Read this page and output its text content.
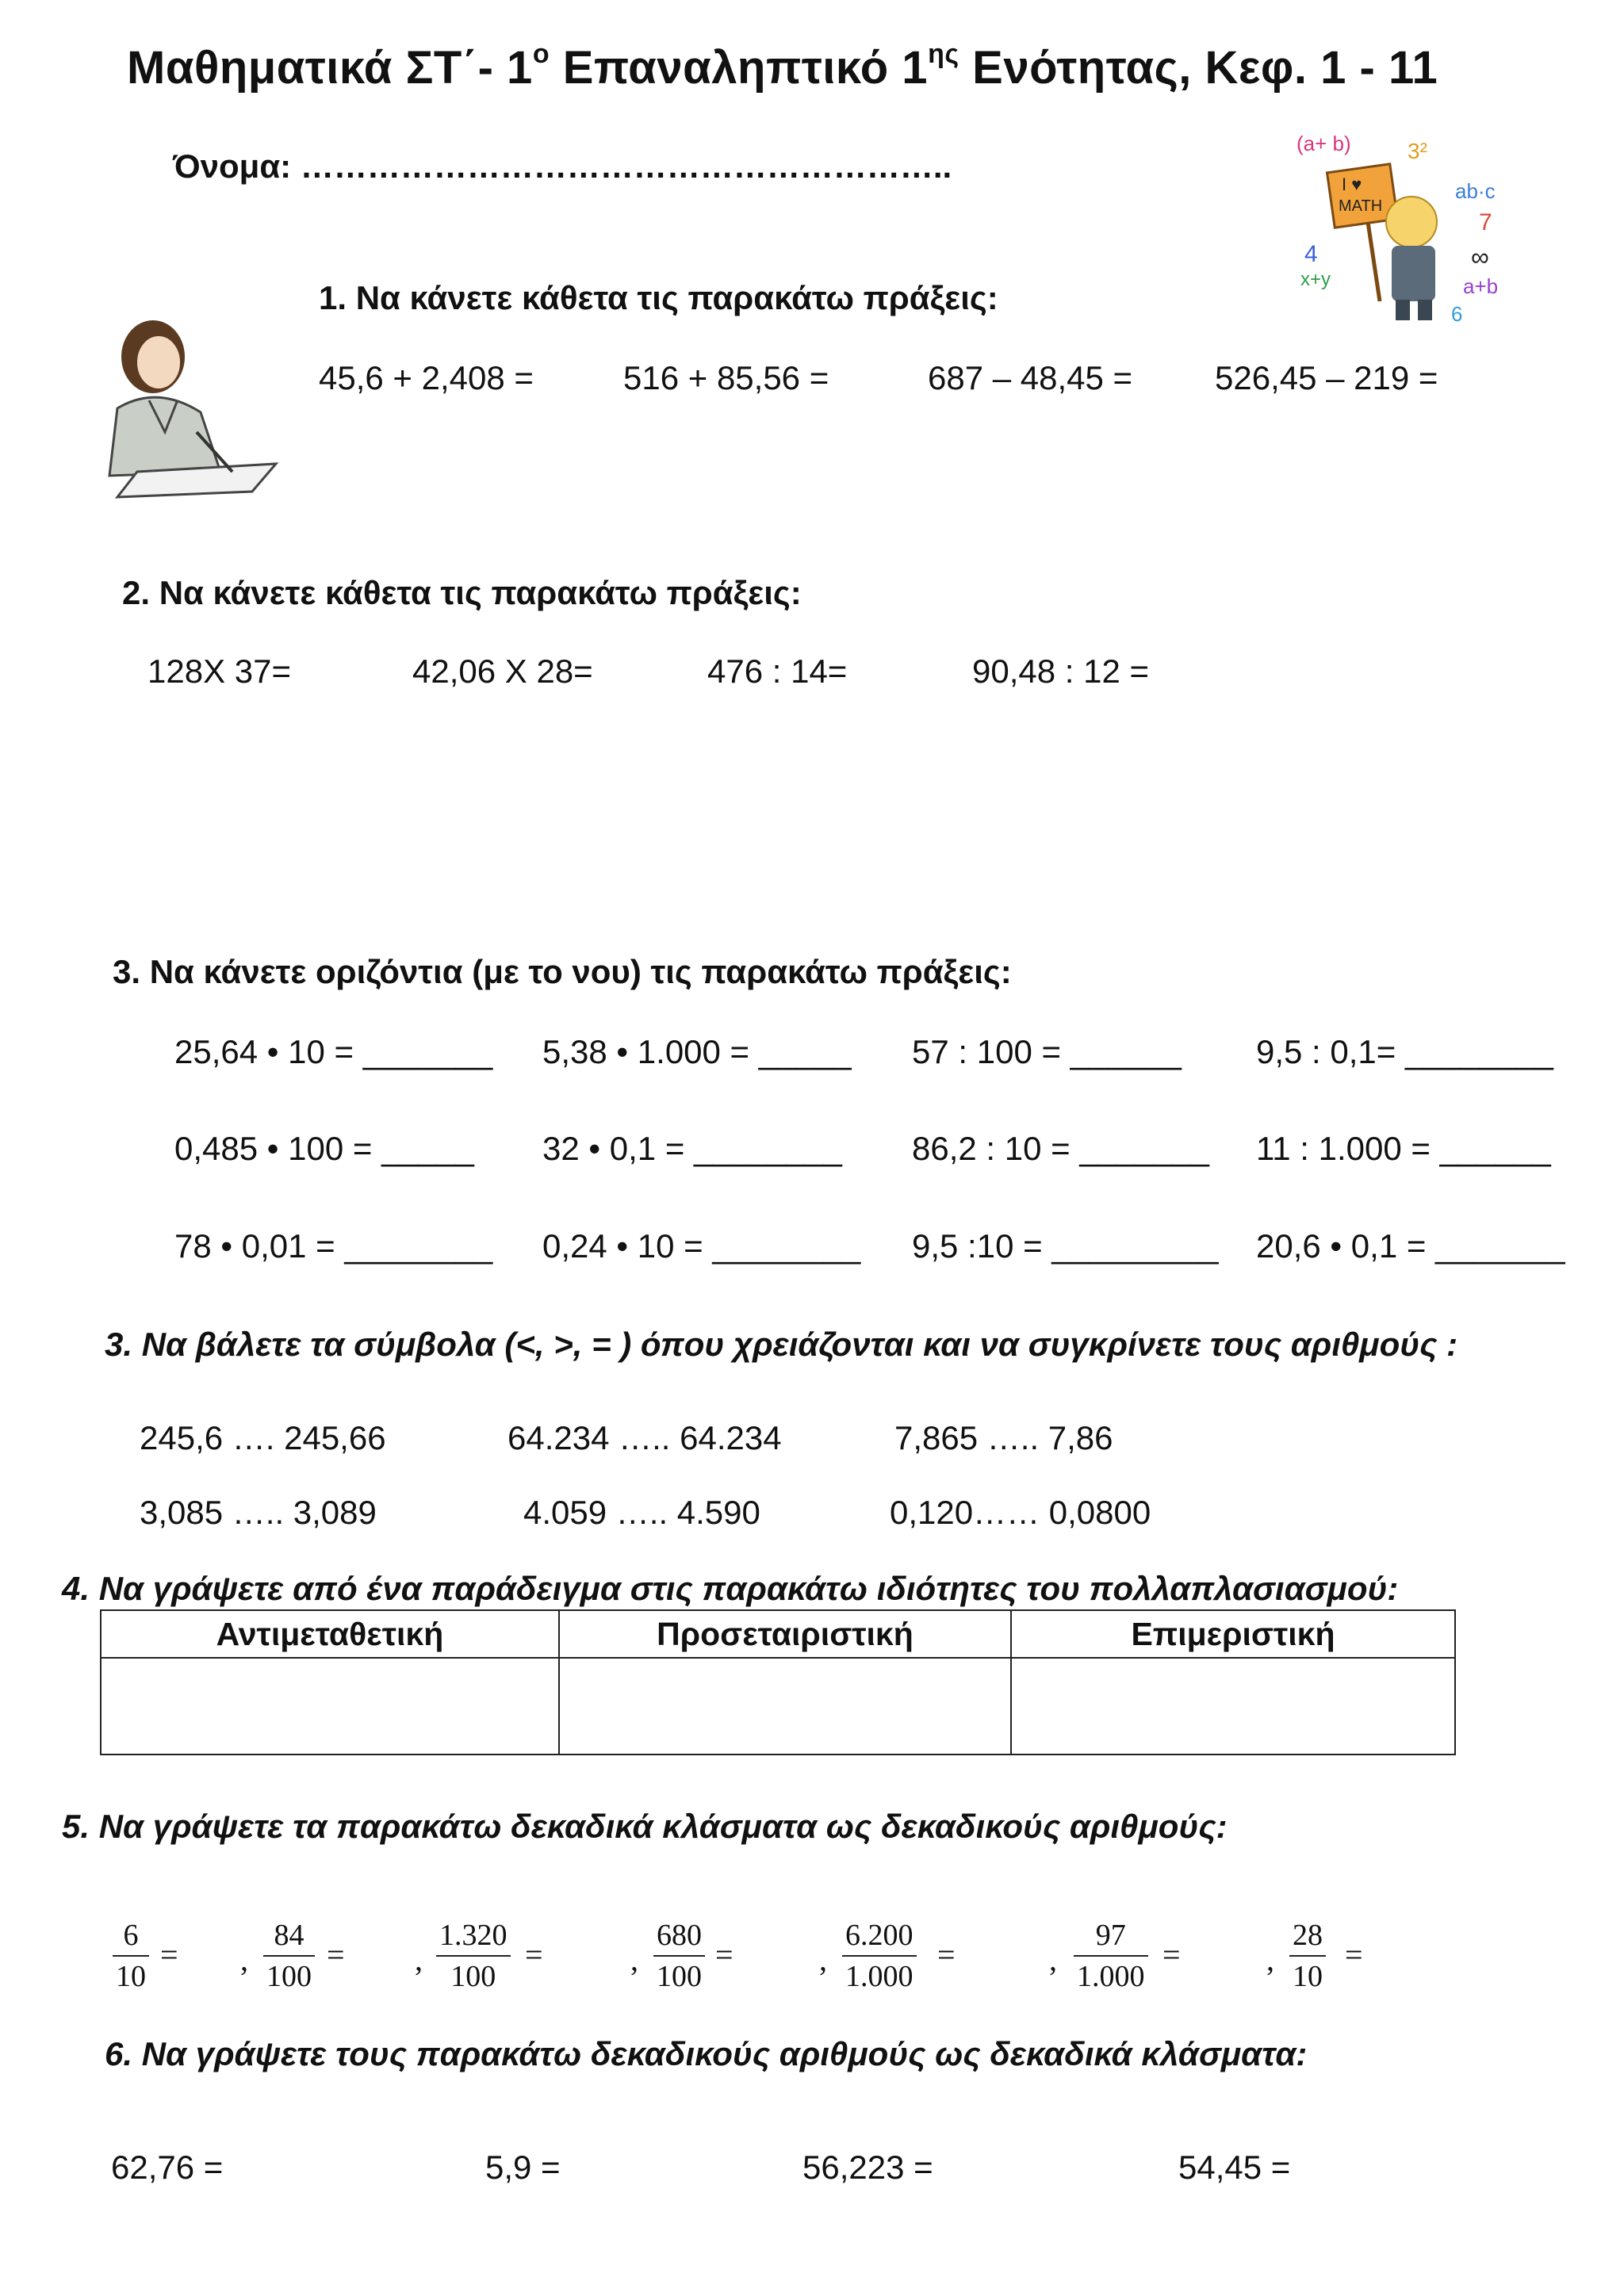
Μαθηματικά ΣΤ΄- $1^o$ Επαναληπτικό $1^{\eta\varsigma}$ Ενότητας, Κεφ. 1 - 11
Όνομα: …………………………………………………..
(a+ b)
I ♥
MATH
ab·c
x+y	a+b
3²
7
4	∞
6
1. Να κάνετε κάθετα τις παρακάτω πράξεις:
45,6 + 2,408 =	516 + 85,56 =	687 – 48,45 = 526,45 – 219 =
2. Να κάνετε κάθετα τις παρακάτω πράξεις:
128Χ 37=	42,06 Χ 28=	476 : 14=	90,48 : 12 =
3. Να κάνετε οριζόντια (με το νου) τις παρακάτω πράξεις:
25,64 • 10 = _______ 5,38 • 1.000 = _____ 57 : 100 = ______ 9,5 : 0,1= ________
0,485 • 100 = _____ 32 • 0,1 = ________ 86,2 : 10 = _______ 11 : 1.000 = ______
78 • 0,01 = ________ 0,24 • 10 = ________ 9,5 :10 = _________ 20,6 • 0,1 = _______
3. Να βάλετε τα σύμβολα (<, >, = ) όπου χρειάζονται και να συγκρίνετε τους αριθμούς :
245,6 …. 245,66	64.234 ….. 64.234	7,865 ….. 7,86
3,085 ….. 3,089	4.059 ….. 4.590	0,120…… 0,0800
4. Να γράψετε από ένα παράδειγμα στις παρακάτω ιδιότητες του πολλαπλασιασμού:
Αντιμεταθετική	Προσεταιριστική	Επιμεριστική

5. Να γράψετε τα παρακάτω δεκαδικά κλάσματα ως δεκαδικούς αριθμούς:
6
10
= ,
84
100
= ,
1.320
100
=	,
680
100
=	,
6.200
1.000
=	,
97
1.000
=	,
28
10
=
6. Να γράψετε τους παρακάτω δεκαδικούς αριθμούς ως δεκαδικά κλάσματα:
62,76 =	5,9 =	56,223 =	54,45 =
